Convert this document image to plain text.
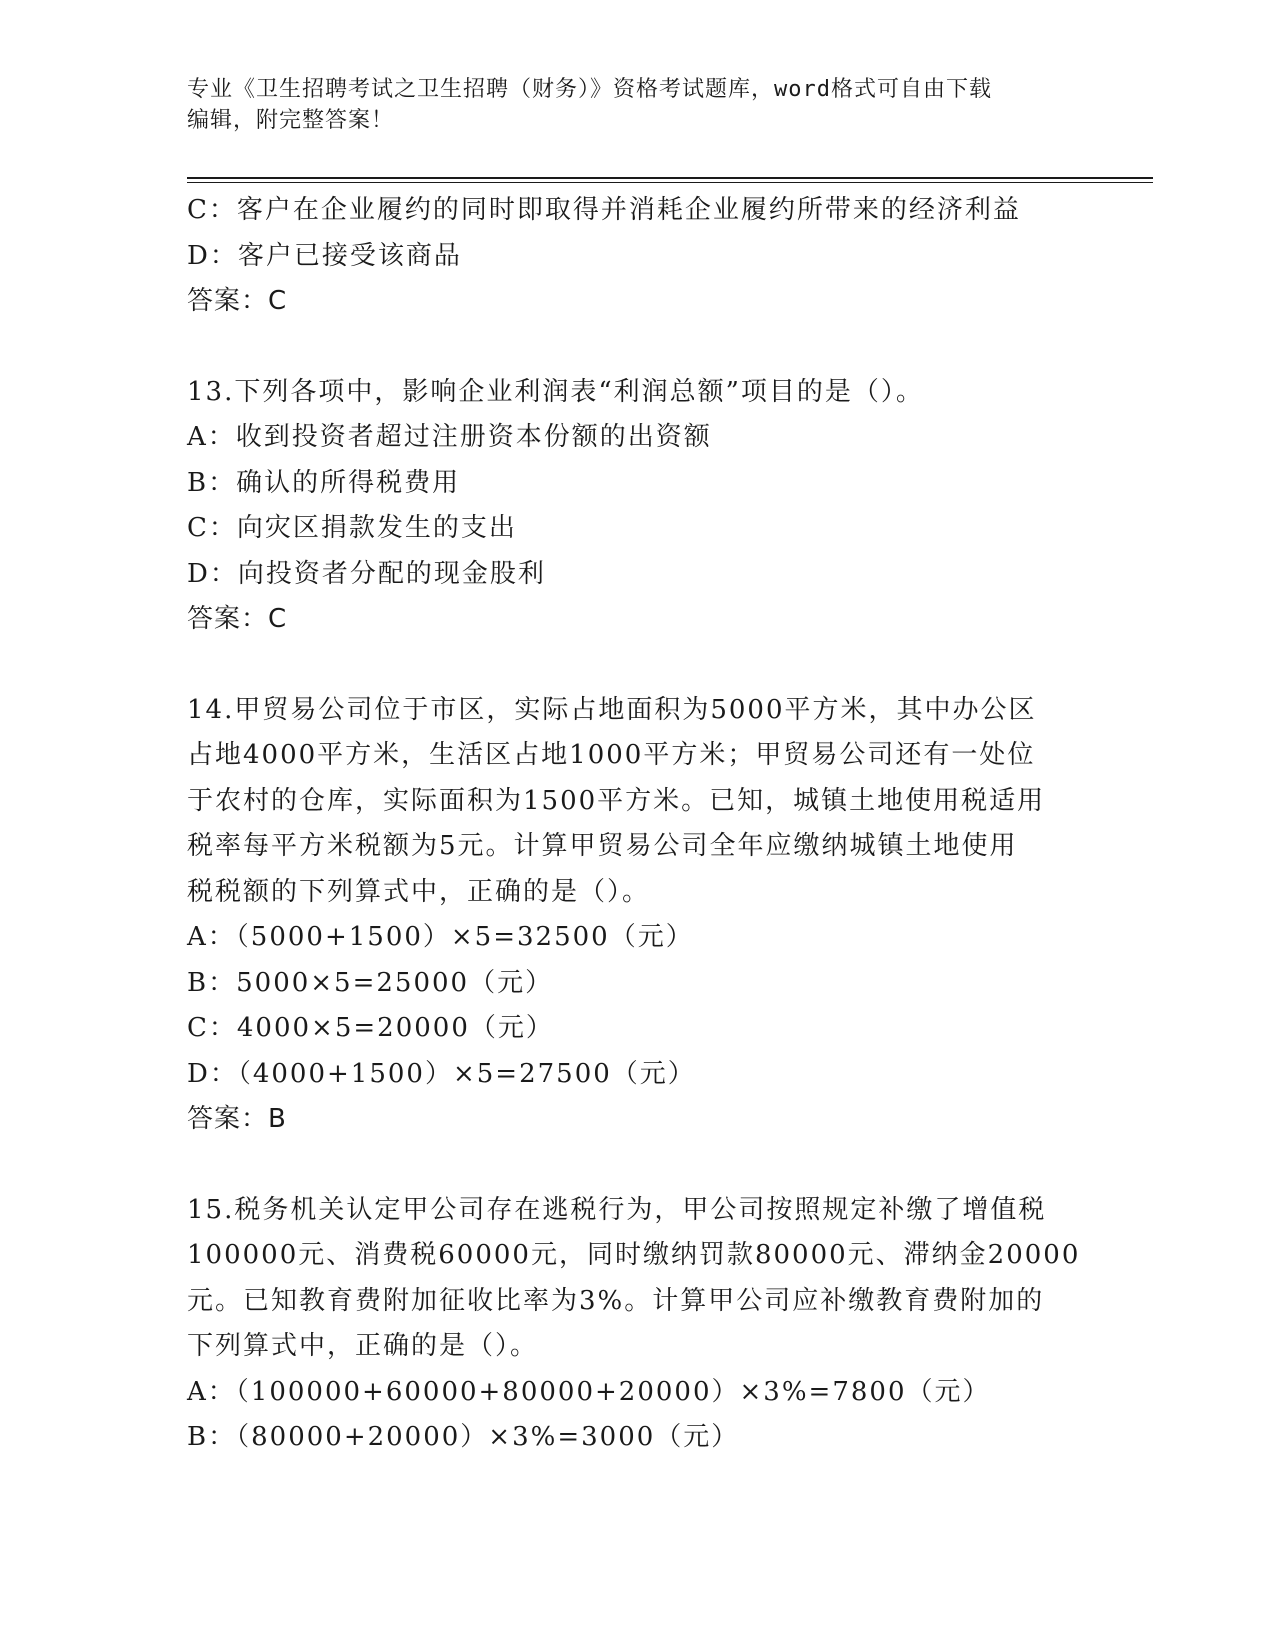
专业《卫生招聘考试之卫生招聘（财务）》资格考试题库，word格式可自由下载
编辑，附完整答案！
C：客户在企业履约的同时即取得并消耗企业履约所带来的经济利益
D：客户已接受该商品
答案：C
13.下列各项中，影响企业利润表“利润总额”项目的是（）。
A：收到投资者超过注册资本份额的出资额
B：确认的所得税费用
C：向灾区捐款发生的支出
D：向投资者分配的现金股利
答案：C
14.甲贸易公司位于市区，实际占地面积为5000平方米，其中办公区
占地4000平方米，生活区占地1000平方米；甲贸易公司还有一处位
于农村的仓库，实际面积为1500平方米。已知，城镇土地使用税适用
税率每平方米税额为5元。计算甲贸易公司全年应缴纳城镇土地使用
税税额的下列算式中，正确的是（）。
A：（5000+1500）×5=32500（元）
B：5000×5=25000（元）
C：4000×5=20000（元）
D：（4000+1500）×5=27500（元）
答案：B
15.税务机关认定甲公司存在逃税行为，甲公司按照规定补缴了增值税
100000元、消费税60000元，同时缴纳罚款80000元、滞纳金20000
元。已知教育费附加征收比率为3%。计算甲公司应补缴教育费附加的
下列算式中，正确的是（）。
A：（100000+60000+80000+20000）×3%=7800（元）
B：（80000+20000）×3%=3000（元）
